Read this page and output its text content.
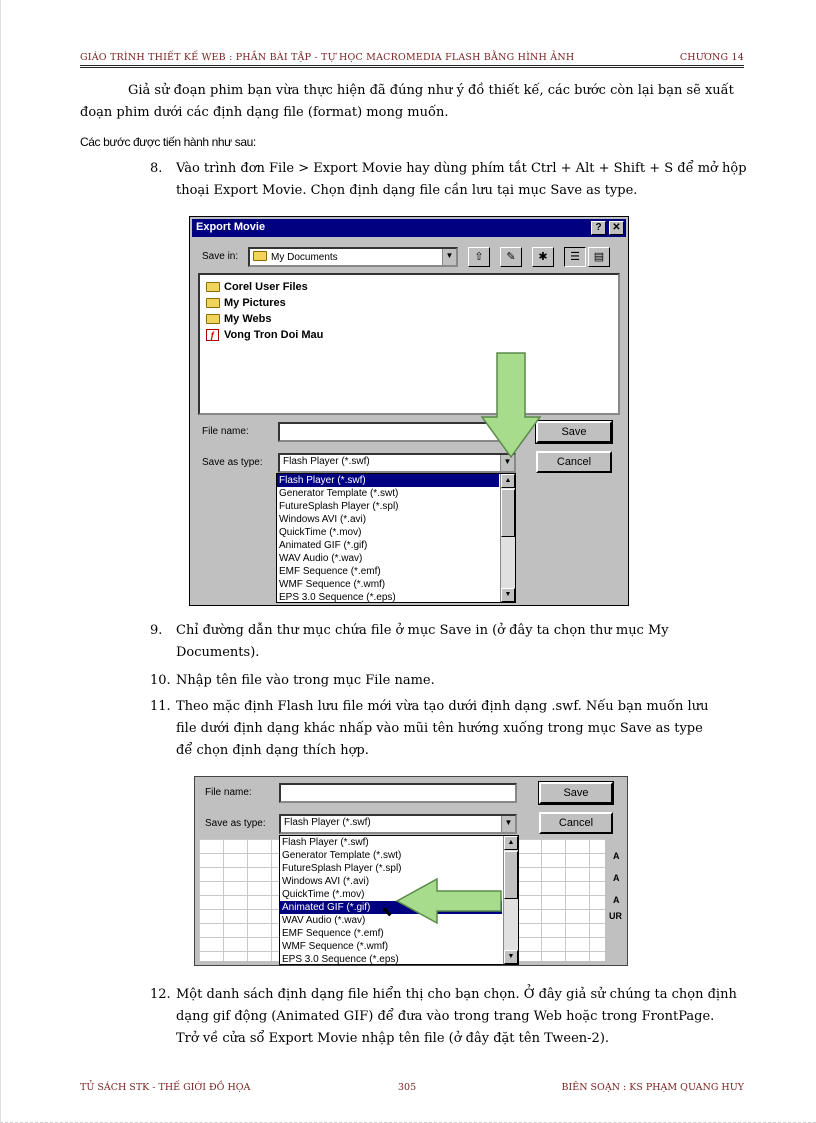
GIÁO TRÌNH THIẾT KẾ WEB : PHẦN BÀI TẬP - TỰ HỌC MACROMEDIA FLASH BẰNG HÌNH ẢNH	CHƯƠNG 14

Giả sử đoạn phim bạn vừa thực hiện đã đúng như ý đồ thiết kế, các bước còn lại bạn sẽ xuất đoạn phim dưới các định dạng file (format) mong muốn.

Các bước được tiến hành như sau:

8. Vào trình đơn File > Export Movie hay dùng phím tắt Ctrl + Alt + Shift + S để mở hộp thoại Export Movie. Chọn định dạng file cần lưu tại mục Save as type.
Export Movie	?	✕
Save in:	My Documents	▼	⇧	✎	✱	☰	▤
Corel User Files
My Pictures
My Webs
ƒ Vong Tron Doi Mau
File name:
Save as type:	Flash Player (*.swf)	▼
Save
Cancel
Flash Player (*.swf)
Generator Template (*.swt)
FutureSplash Player (*.spl)
Windows AVI (*.avi)
QuickTime (*.mov)
Animated GIF (*.gif)
WAV Audio (*.wav)
EMF Sequence (*.emf)
WMF Sequence (*.wmf)
EPS 3.0 Sequence (*.eps)
▲
▼
9. Chỉ đường dẫn thư mục chứa file ở mục Save in (ở đây ta chọn thư mục My Documents).
10. Nhập tên file vào trong mục File name.
11. Theo mặc định Flash lưu file mới vừa tạo dưới định dạng .swf. Nếu bạn muốn lưu file dưới định dạng khác nhấp vào mũi tên hướng xuống trong mục Save as type để chọn định dạng thích hợp.
File name:
Save as type:	Flash Player (*.swf)	▼
Save
Cancel
A
A
A
UR
Flash Player (*.swf)
Generator Template (*.swt)
FutureSplash Player (*.spl)
Windows AVI (*.avi)
QuickTime (*.mov)
Animated GIF (*.gif)
WAV Audio (*.wav)
EMF Sequence (*.emf)
WMF Sequence (*.wmf)
EPS 3.0 Sequence (*.eps)
▲
▼
⬉
12. Một danh sách định dạng file hiển thị cho bạn chọn. Ở đây giả sử chúng ta chọn định dạng gif động (Animated GIF) để đưa vào trong trang Web hoặc trong FrontPage. Trở về cửa sổ Export Movie nhập tên file (ở đây đặt tên Tween-2).
TỦ SÁCH STK - THẾ GIỚI ĐỒ HỌA	305	BIÊN SOẠN : KS PHẠM QUANG HUY
